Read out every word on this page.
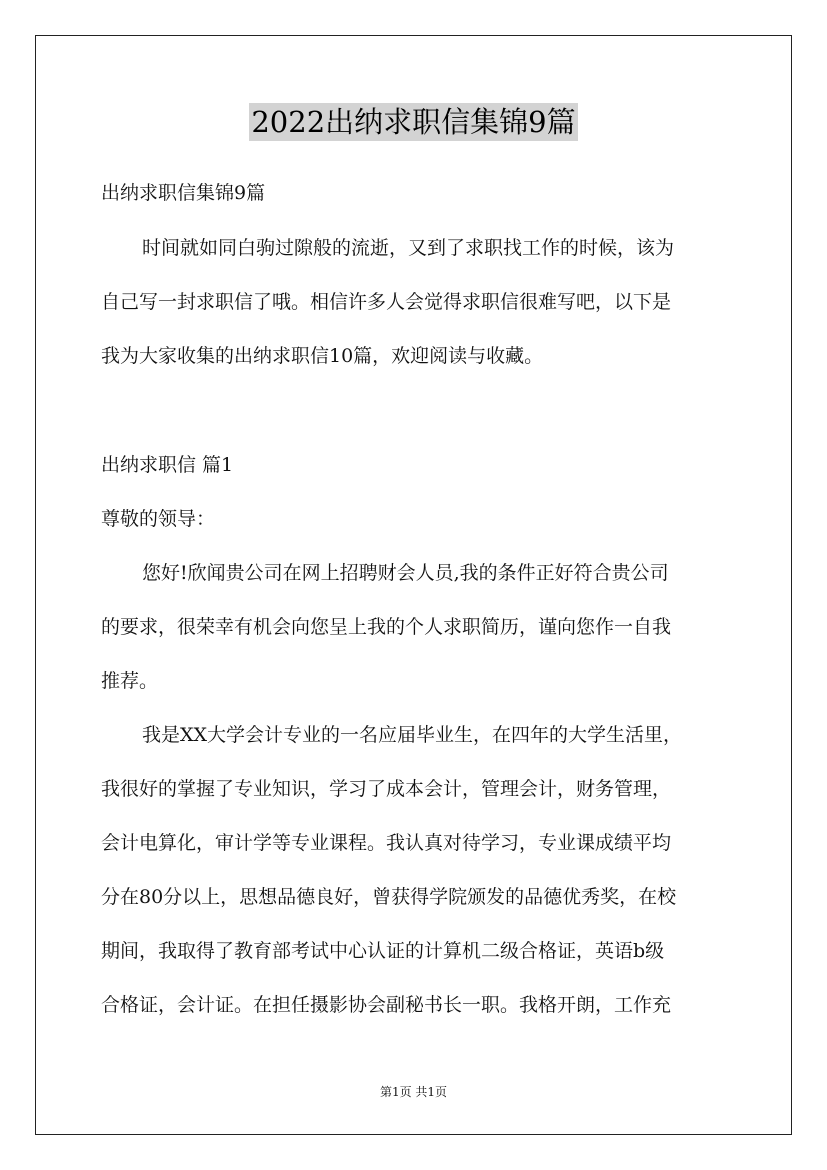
2022出纳求职信集锦9篇
出纳求职信集锦9篇
时间就如同白驹过隙般的流逝，又到了求职找工作的时候，该为
自己写一封求职信了哦。相信许多人会觉得求职信很难写吧，以下是
我为大家收集的出纳求职信10篇，欢迎阅读与收藏。
出纳求职信 篇1
尊敬的领导：
您好!欣闻贵公司在网上招聘财会人员,我的条件正好符合贵公司
的要求，很荣幸有机会向您呈上我的个人求职简历，谨向您作一自我
推荐。
我是XX大学会计专业的一名应届毕业生，在四年的大学生活里，
我很好的掌握了专业知识，学习了成本会计，管理会计，财务管理，
会计电算化，审计学等专业课程。我认真对待学习，专业课成绩平均
分在80分以上，思想品德良好，曾获得学院颁发的品德优秀奖，在校
期间，我取得了教育部考试中心认证的计算机二级合格证，英语b级
合格证，会计证。在担任摄影协会副秘书长一职。我格开朗，工作充
第1页 共1页
